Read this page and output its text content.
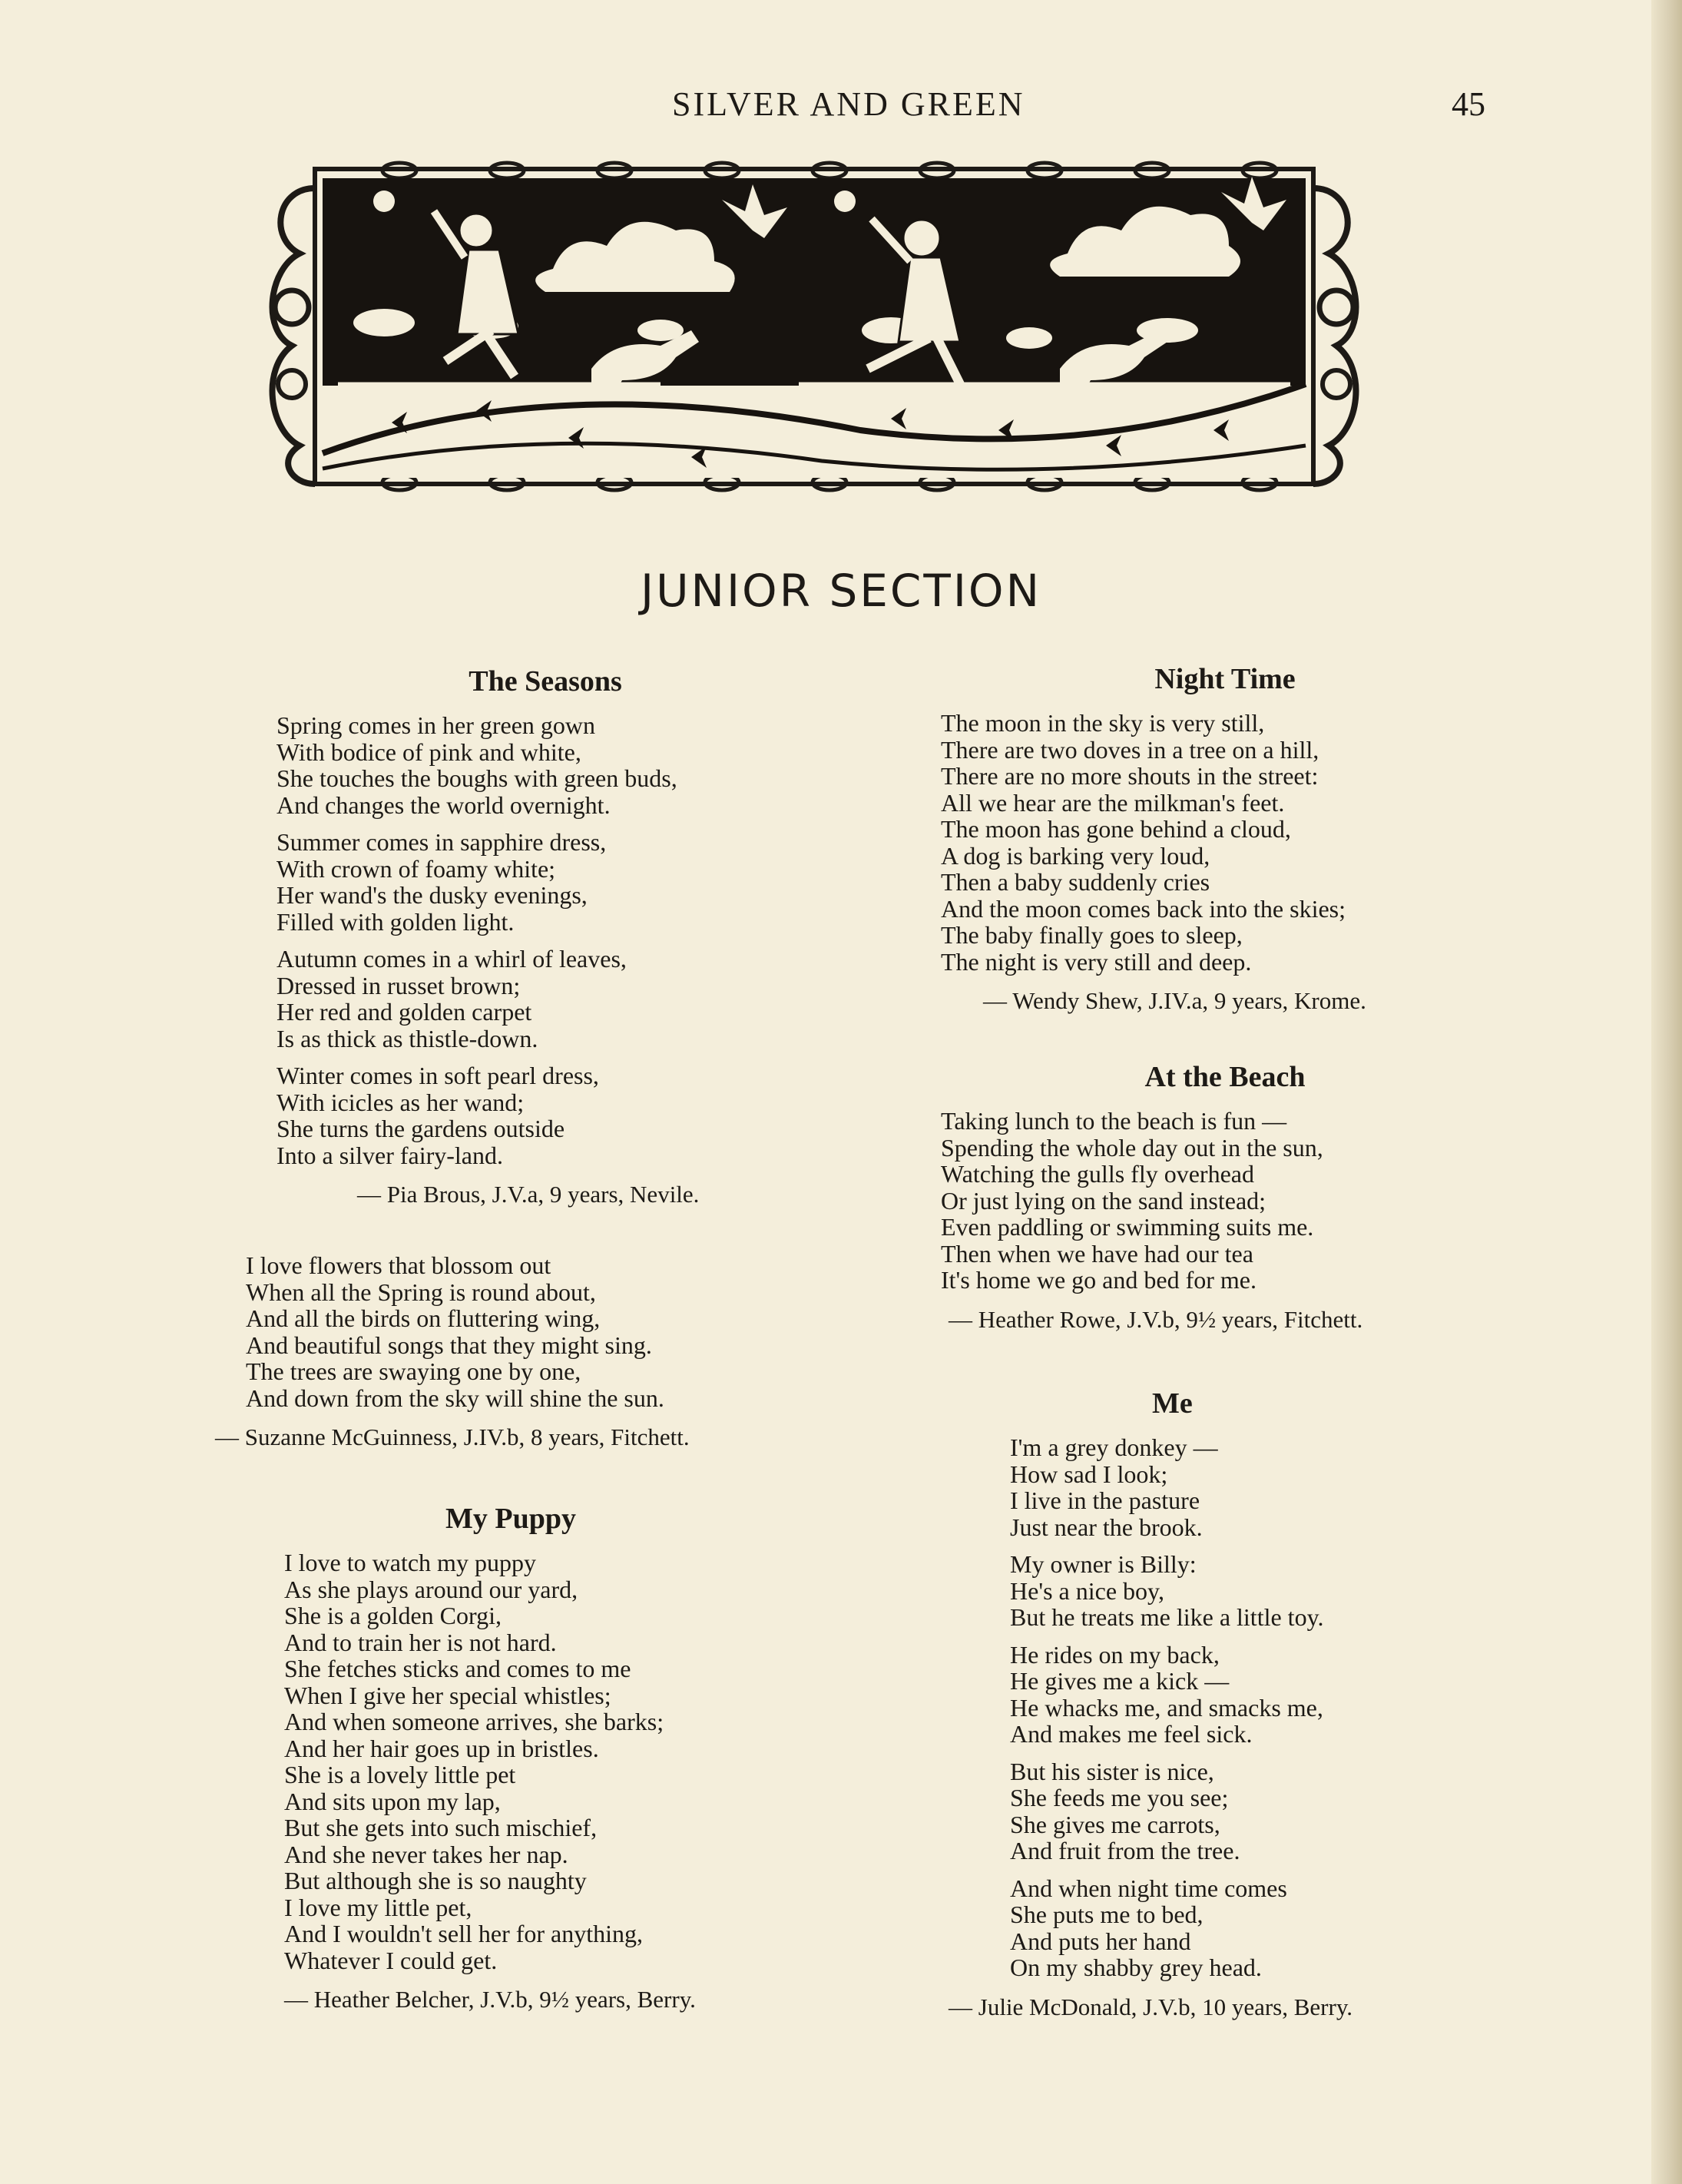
SILVER AND GREEN	45
JUNIOR SECTION
The Seasons
Spring comes in her green gown
With bodice of pink and white,
She touches the boughs with green buds,
And changes the world overnight.
Summer comes in sapphire dress,
With crown of foamy white;
Her wand's the dusky evenings,
Filled with golden light.
Autumn comes in a whirl of leaves,
Dressed in russet brown;
Her red and golden carpet
Is as thick as thistle-down.
Winter comes in soft pearl dress,
With icicles as her wand;
She turns the gardens outside
Into a silver fairy-land.
— Pia Brous, J.V.a, 9 years, Nevile.
I love flowers that blossom out
When all the Spring is round about,
And all the birds on fluttering wing,
And beautiful songs that they might sing.
The trees are swaying one by one,
And down from the sky will shine the sun.
— Suzanne McGuinness, J.IV.b, 8 years, Fitchett.
My Puppy
I love to watch my puppy
As she plays around our yard,
She is a golden Corgi,
And to train her is not hard.
She fetches sticks and comes to me
When I give her special whistles;
And when someone arrives, she barks;
And her hair goes up in bristles.
She is a lovely little pet
And sits upon my lap,
But she gets into such mischief,
And she never takes her nap.
But although she is so naughty
I love my little pet,
And I wouldn't sell her for anything,
Whatever I could get.
— Heather Belcher, J.V.b, 9½ years, Berry.
Night Time
The moon in the sky is very still,
There are two doves in a tree on a hill,
There are no more shouts in the street:
All we hear are the milkman's feet.
The moon has gone behind a cloud,
A dog is barking very loud,
Then a baby suddenly cries
And the moon comes back into the skies;
The baby finally goes to sleep,
The night is very still and deep.
— Wendy Shew, J.IV.a, 9 years, Krome.
At the Beach
Taking lunch to the beach is fun —
Spending the whole day out in the sun,
Watching the gulls fly overhead
Or just lying on the sand instead;
Even paddling or swimming suits me.
Then when we have had our tea
It's home we go and bed for me.
— Heather Rowe, J.V.b, 9½ years, Fitchett.
Me
I'm a grey donkey —
How sad I look;
I live in the pasture
Just near the brook.
My owner is Billy:
He's a nice boy,
But he treats me like a little toy.
He rides on my back,
He gives me a kick —
He whacks me, and smacks me,
And makes me feel sick.
But his sister is nice,
She feeds me you see;
She gives me carrots,
And fruit from the tree.
And when night time comes
She puts me to bed,
And puts her hand
On my shabby grey head.
— Julie McDonald, J.V.b, 10 years, Berry.
